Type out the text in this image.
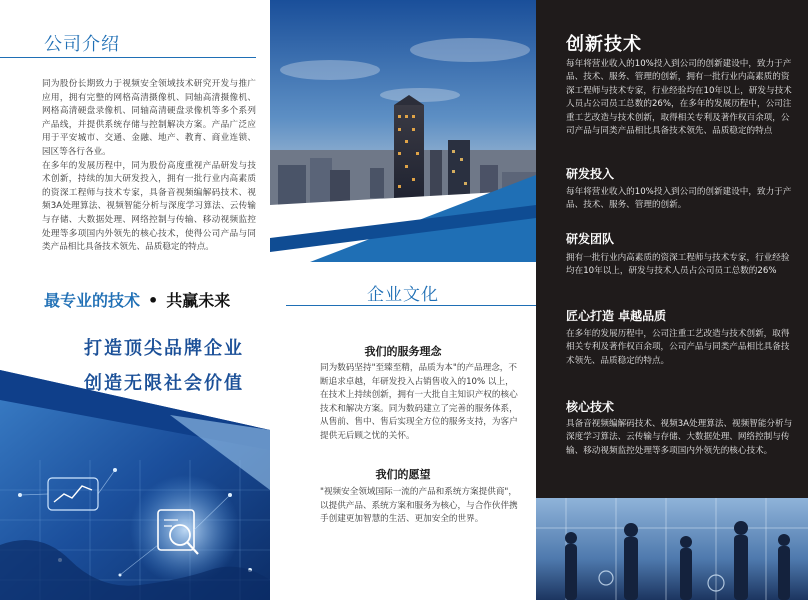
公司介绍

同为股份长期致力于视频安全领域技术研究开发与推广应用，拥有完整的网格高清摄像机、同轴高清摄像机、网格高清硬盘录像机、同轴高清硬盘录像机等多个系列产品线，并提供系统存储与控制解决方案。产品广泛应用于平安城市、交通、金融、地产、教育、商业连锁、园区等各行各业。

在多年的发展历程中，同为股份高度重视产品研发与技术创新，持续的加大研发投入，拥有一批行业内高素质的资深工程师与技术专家，具备音视频编解码技术、视频3A处理算法、视频智能分析与深度学习算法、云传输与存储、大数据处理、网络控制与传输、移动视频监控处理等多项国内外领先的核心技术，使得公司产品与同类产品相比具备技术领先、品质稳定的特点。

最专业的技术 • 共赢未来
打造顶尖品牌企业
创造无限社会价值
企业文化
我们的服务理念
同为数码坚持"至臻至精，品质为本"的产品理念，不断追求卓越，年研发投入占销售收入的10% 以上，在技术上持续创新，拥有一大批自主知识产权的核心技术和解决方案。同为数码建立了完善的服务体系，从售前、售中、售后实现全方位的服务支持，为客户提供无后顾之忧的关怀。
我们的愿望
"视频安全领域国际一流的产品和系统方案提供商"，以提供产品、系统方案和服务为核心，与合作伙伴携手创建更加智慧的生活、更加安全的世界。
创新技术
每年将营业收入的10%投入到公司的创新建设中，致力于产品、技术、服务、管理的创新，拥有一批行业内高素质的资深工程师与技术专家，行业经验均在10年以上，研发与技术人员占公司员工总数的26%，在多年的发展历程中，公司注重工艺改造与技术创新，取得相关专利及著作权百余项，公司产品与同类产品相比具备技术领先、品质稳定的特点
研发投入
每年将营业收入的10%投入到公司的创新建设中，致力于产品、技术、服务、管理的创新。
研发团队
拥有一批行业内高素质的资深工程师与技术专家，行业经验均在10年以上，研发与技术人员占公司员工总数的26%
匠心打造 卓越品质
在多年的发展历程中，公司注重工艺改造与技术创新，取得相关专利及著作权百余项，公司产品与同类产品相比具备技术领先、品质稳定的特点。
核心技术
具备音视频编解码技术、视频3A处理算法、视频智能分析与深度学习算法、云传输与存储、大数据处理、网络控制与传输、移动视频监控处理等多项国内外领先的核心技术。
